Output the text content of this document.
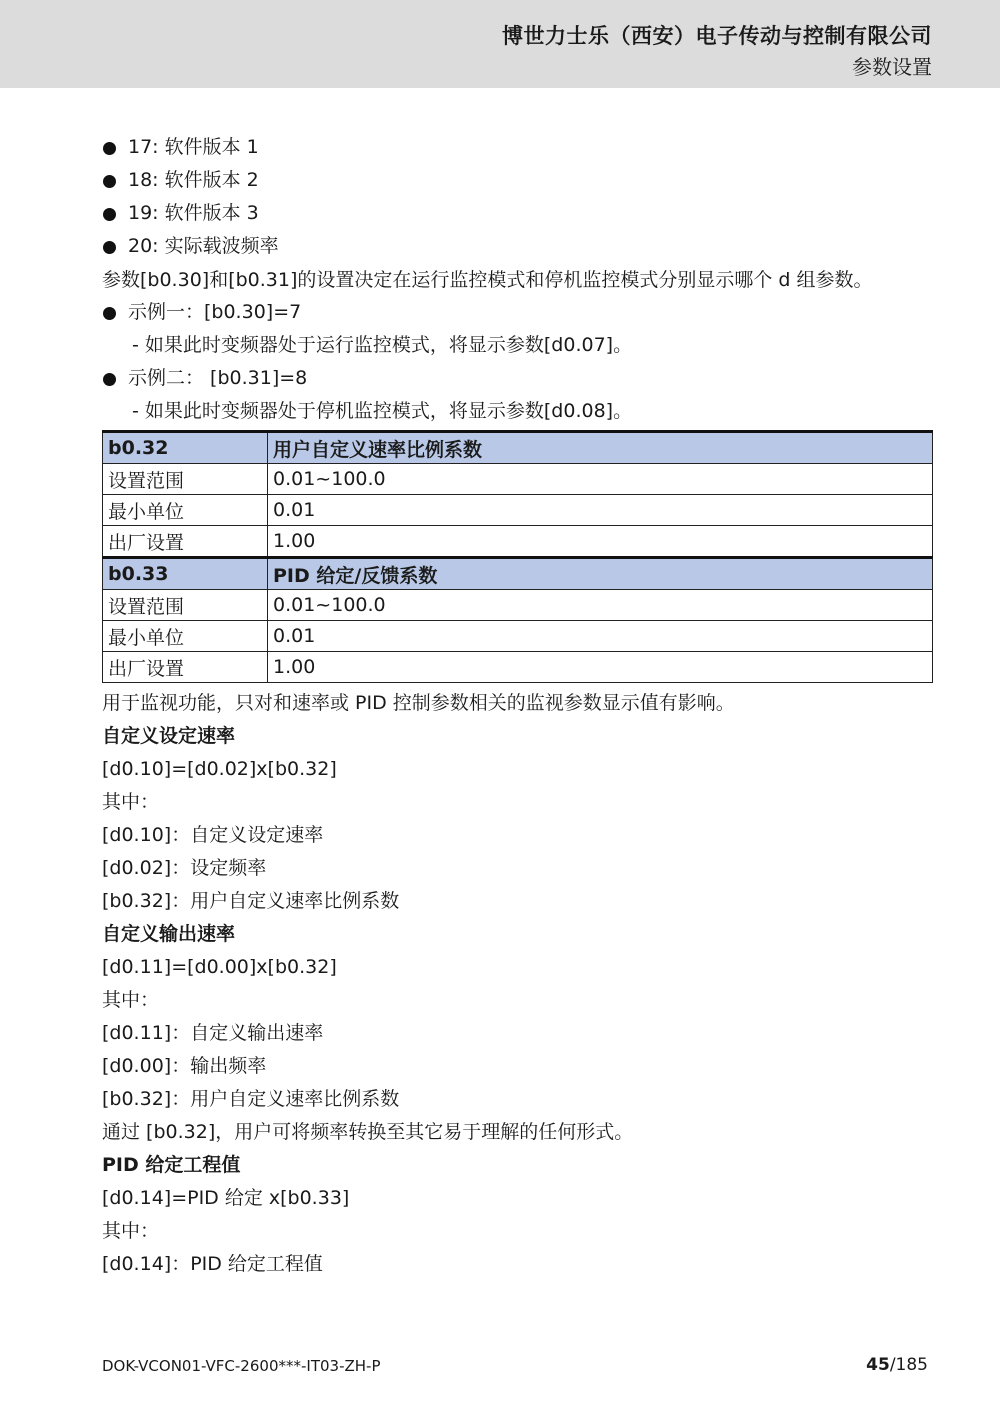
博世力士乐（西安）电子传动与控制有限公司
参数设置
17: 软件版本 1
18: 软件版本 2
19: 软件版本 3
20: 实际载波频率
参数[b0.30]和[b0.31]的设置决定在运行监控模式和停机监控模式分别显示哪个 d 组参数。
示例一：[b0.30]=7
- 如果此时变频器处于运行监控模式，将显示参数[d0.07]。
示例二： [b0.31]=8
- 如果此时变频器处于停机监控模式，将显示参数[d0.08]。
b0.32	用户自定义速率比例系数
设置范围	0.01~100.0
最小单位	0.01
出厂设置	1.00
b0.33	PID 给定/反馈系数
设置范围	0.01~100.0
最小单位	0.01
出厂设置	1.00
用于监视功能，只对和速率或 PID 控制参数相关的监视参数显示值有影响。
自定义设定速率
[d0.10]=[d0.02]x[b0.32]
其中：
[d0.10]：自定义设定速率
[d0.02]：设定频率
[b0.32]：用户自定义速率比例系数
自定义输出速率
[d0.11]=[d0.00]x[b0.32]
其中：
[d0.11]：自定义输出速率
[d0.00]：输出频率
[b0.32]：用户自定义速率比例系数
通过 [b0.32]，用户可将频率转换至其它易于理解的任何形式。
PID 给定工程值
[d0.14]=PID 给定 x[b0.33]
其中：
[d0.14]：PID 给定工程值
DOK-VCON01-VFC-2600***-IT03-ZH-P	45/185
